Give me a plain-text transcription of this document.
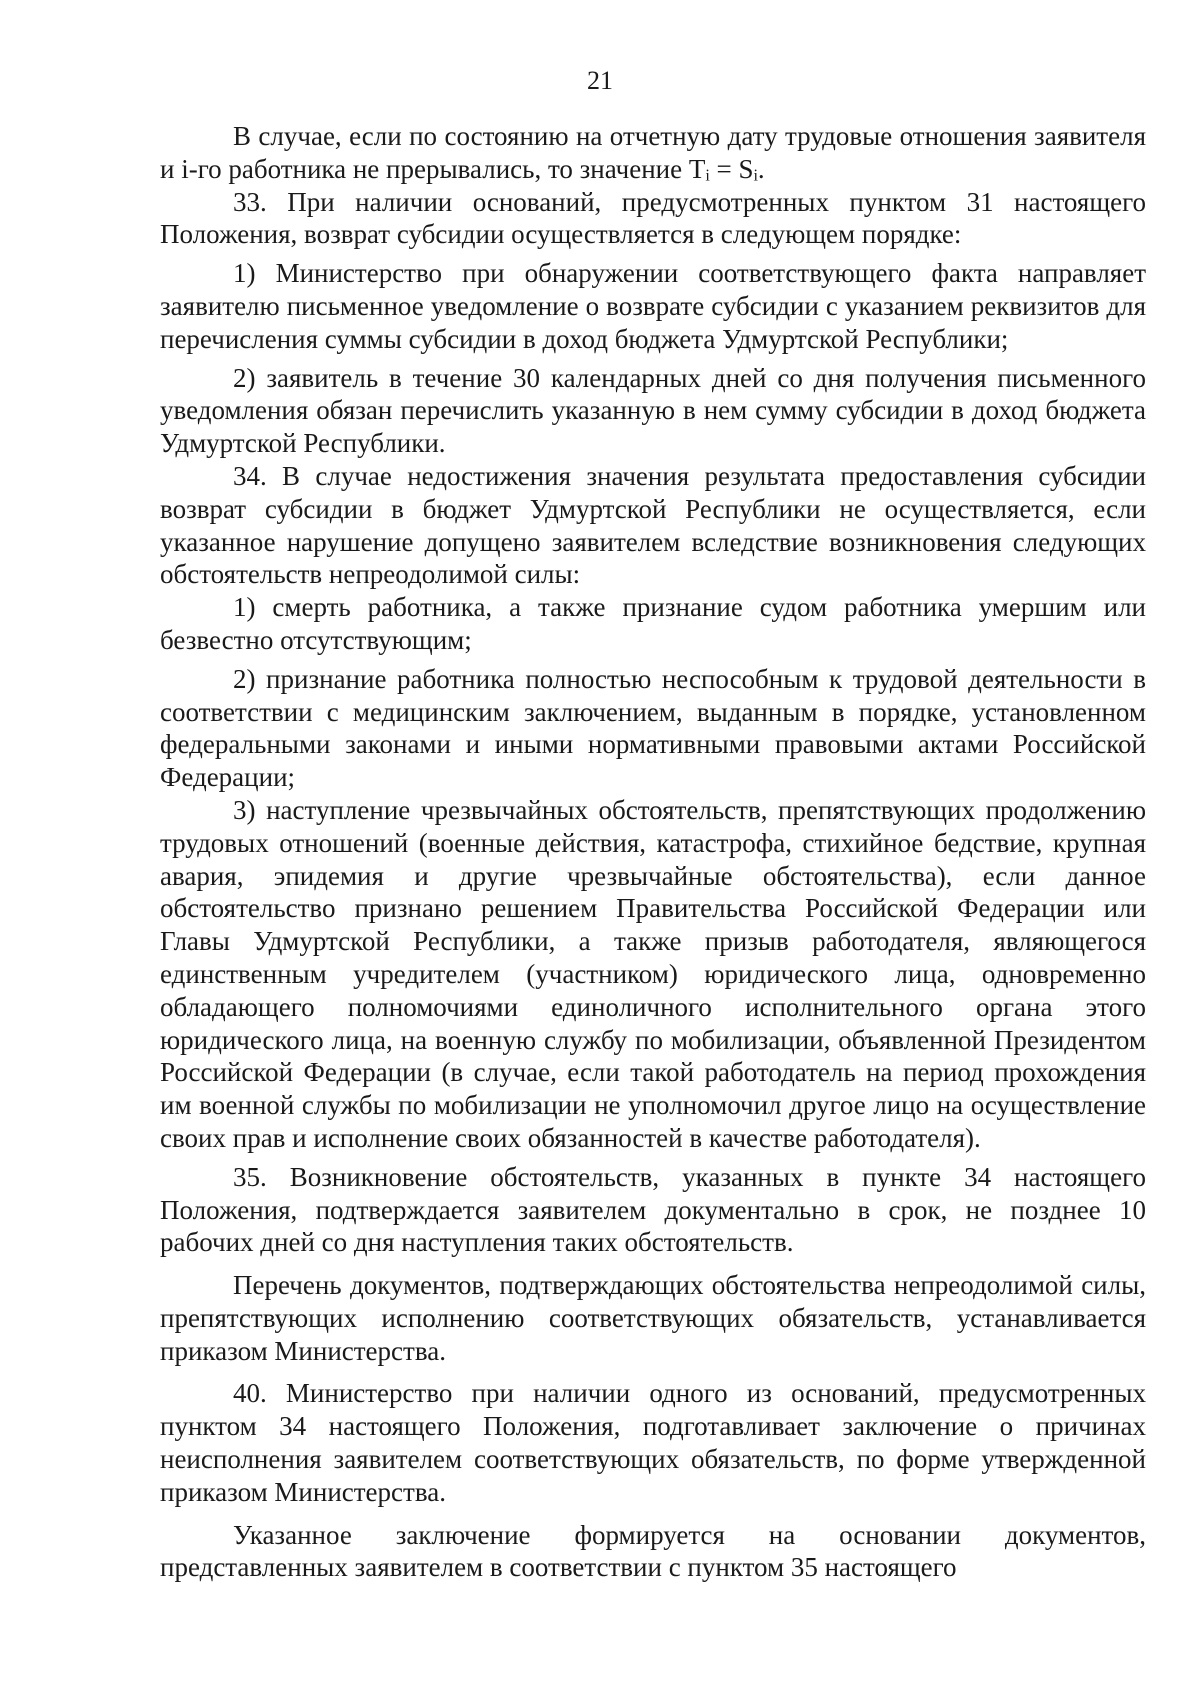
21

В случае, если по состоянию на отчетную дату трудовые отношения заявителя и i-го работника не прерывались, то значение Tᵢ = Sᵢ.

33. При наличии оснований, предусмотренных пунктом 31 настоящего Положения, возврат субсидии осуществляется в следующем порядке:

1) Министерство при обнаружении соответствующего факта направляет заявителю письменное уведомление о возврате субсидии с указанием реквизитов для перечисления суммы субсидии в доход бюджета Удмуртской Республики;

2) заявитель в течение 30 календарных дней со дня получения письменного уведомления обязан перечислить указанную в нем сумму субсидии в доход бюджета Удмуртской Республики.

34. В случае недостижения значения результата предоставления субсидии возврат субсидии в бюджет Удмуртской Республики не осуществляется, если указанное нарушение допущено заявителем вследствие возникновения следующих обстоятельств непреодолимой силы:

1) смерть работника, а также признание судом работника умершим или безвестно отсутствующим;

2) признание работника полностью неспособным к трудовой деятельности в соответствии с медицинским заключением, выданным в порядке, установленном федеральными законами и иными нормативными правовыми актами Российской Федерации;

3) наступление чрезвычайных обстоятельств, препятствующих продолжению трудовых отношений (военные действия, катастрофа, стихийное бедствие, крупная авария, эпидемия и другие чрезвычайные обстоятельства), если данное обстоятельство признано решением Правительства Российской Федерации или Главы Удмуртской Республики, а также призыв работодателя, являющегося единственным учредителем (участником) юридического лица, одновременно обладающего полномочиями единоличного исполнительного органа этого юридического лица, на военную службу по мобилизации, объявленной Президентом Российской Федерации (в случае, если такой работодатель на период прохождения им военной службы по мобилизации не уполномочил другое лицо на осуществление своих прав и исполнение своих обязанностей в качестве работодателя).

35. Возникновение обстоятельств, указанных в пункте 34 настоящего Положения, подтверждается заявителем документально в срок, не позднее 10 рабочих дней со дня наступления таких обстоятельств.

Перечень документов, подтверждающих обстоятельства непреодолимой силы, препятствующих исполнению соответствующих обязательств, устанавливается приказом Министерства.

40. Министерство при наличии одного из оснований, предусмотренных пунктом 34 настоящего Положения, подготавливает заключение о причинах неисполнения заявителем соответствующих обязательств, по форме утвержденной приказом Министерства.

Указанное заключение формируется на основании документов, представленных заявителем в соответствии с пунктом 35 настоящего
